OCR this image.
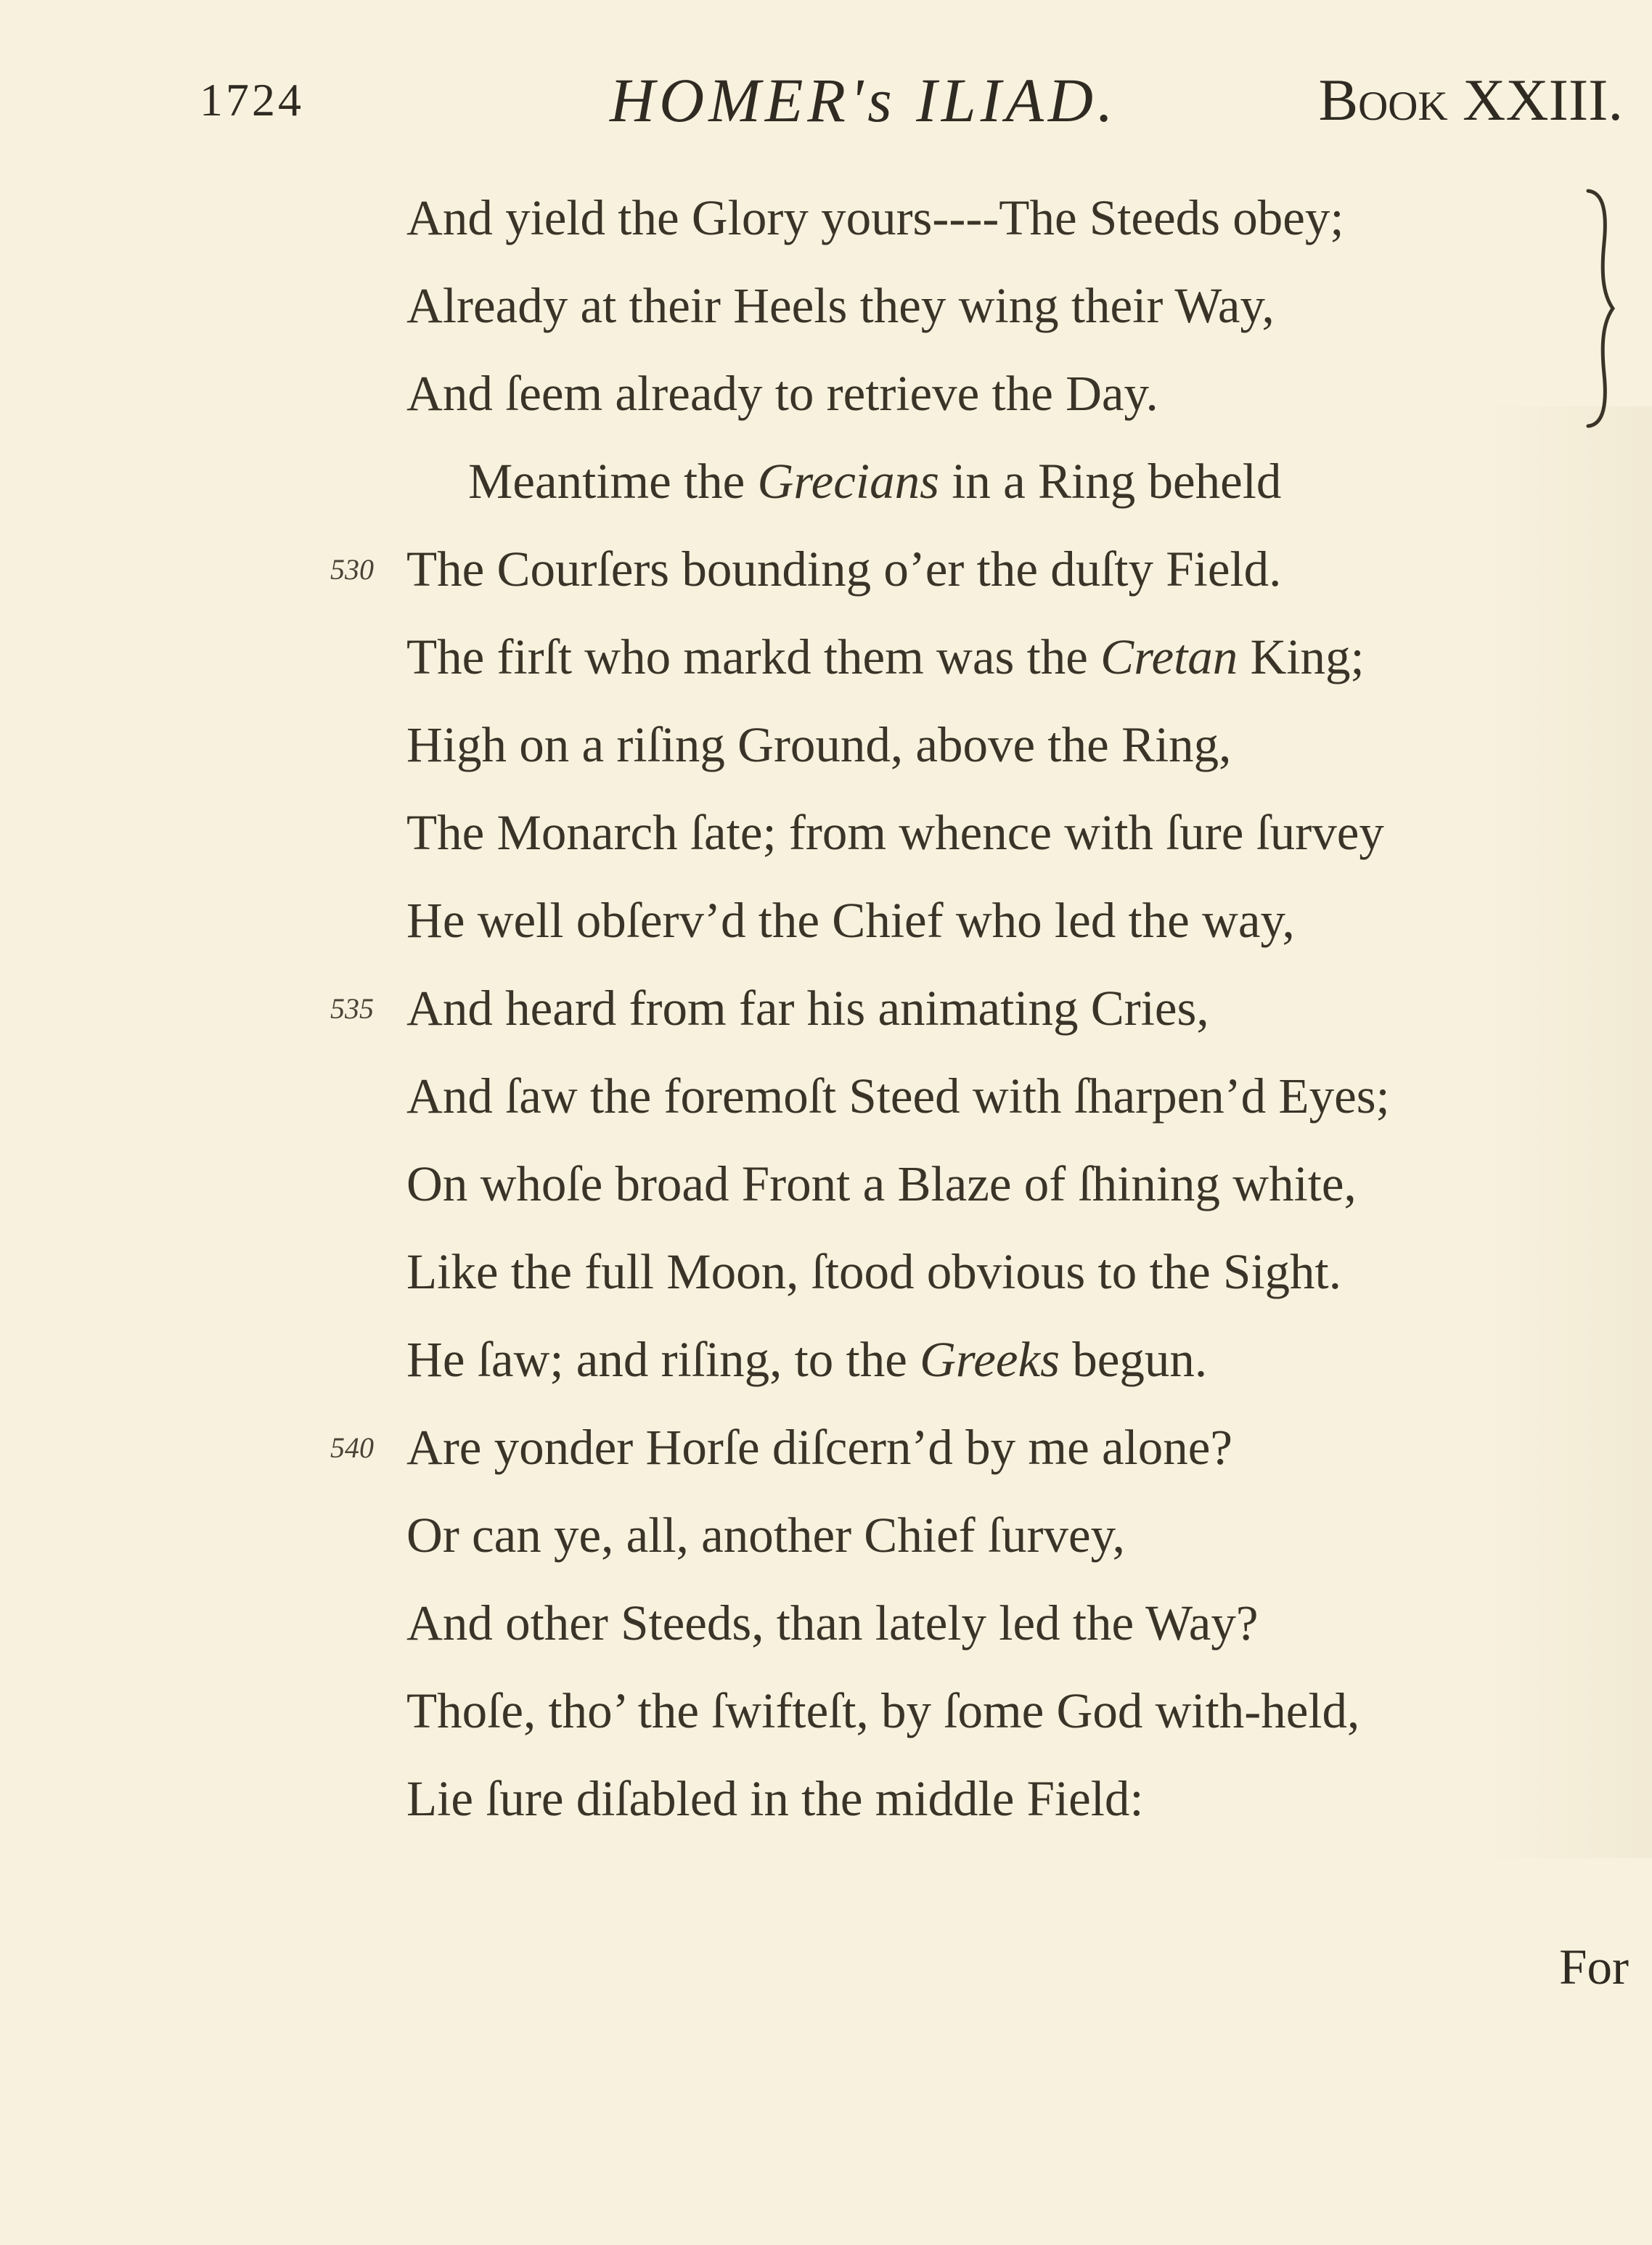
1724	HOMER's ILIAD.	Book XXIII.
And yield the Glory yours----The Steeds obey;
Already at their Heels they wing their Way,
And ſeem already to retrieve the Day.
Meantime the Grecians in a Ring beheld
530 The Courſers bounding o’er the duſty Field.
The firſt who markd them was the Cretan King;
High on a riſing Ground, above the Ring,
The Monarch ſate; from whence with ſure ſurvey
He well obſerv’d the Chief who led the way,
535 And heard from far his animating Cries,
And ſaw the foremoſt Steed with ſharpen’d Eyes;
On whoſe broad Front a Blaze of ſhining white,
Like the full Moon, ſtood obvious to the Sight.
He ſaw; and riſing, to the Greeks begun.
540 Are yonder Horſe diſcern’d by me alone?
Or can ye, all, another Chief ſurvey,
And other Steeds, than lately led the Way?
Thoſe, tho’ the ſwifteſt, by ſome God with-held,
Lie ſure diſabled in the middle Field:
For
